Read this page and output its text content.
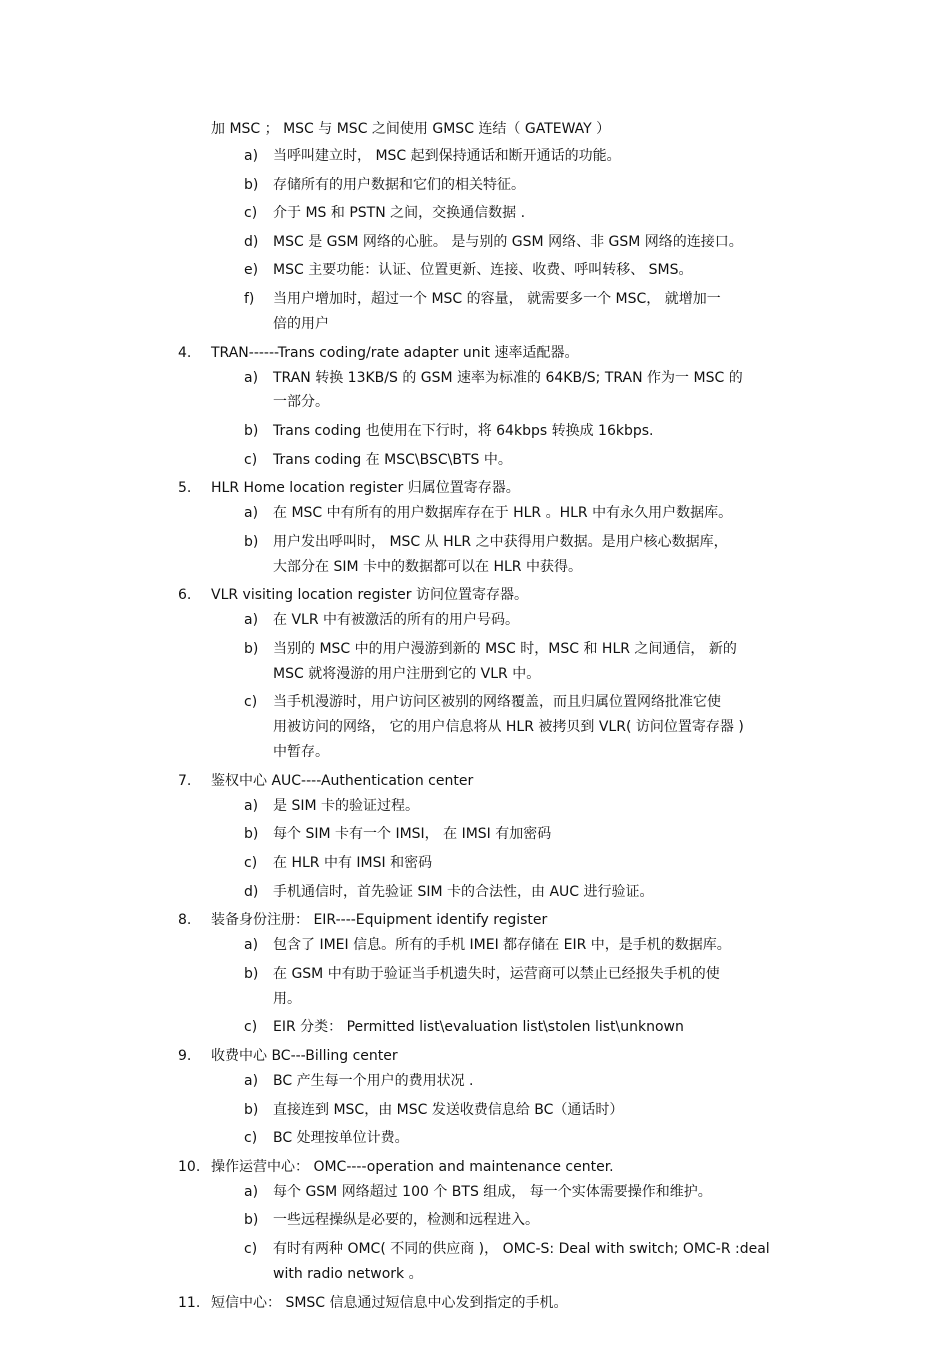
加 MSC ； MSC 与 MSC 之间使用 GMSC 连结（ GATEWAY ）
a) 当呼叫建立时， MSC 起到保持通话和断开通话的功能。
b) 存储所有的用户数据和它们的相关特征。
c) 介于 MS 和 PSTN 之间，交换通信数据 .
d) MSC 是 GSM 网络的心脏。 是与别的 GSM 网络、非 GSM 网络的连接口。
e) MSC 主要功能：认证、位置更新、连接、收费、呼叫转移、 SMS。
f) 当用户增加时，超过一个 MSC 的容量， 就需要多一个 MSC， 就增加一
倍的用户
4. TRAN------Trans coding/rate adapter unit 速率适配器。
a) TRAN 转换 13KB/S 的 GSM 速率为标准的 64KB/S; TRAN 作为一 MSC 的
一部分。
b) Trans coding 也使用在下行时，将 64kbps 转换成 16kbps.
c) Trans coding 在 MSC\BSC\BTS 中。
5. HLR Home location register 归属位置寄存器。
a) 在 MSC 中有所有的用户数据库存在于 HLR 。HLR 中有永久用户数据库。
b) 用户发出呼叫时， MSC 从 HLR 之中获得用户数据。是用户核心数据库，
大部分在 SIM 卡中的数据都可以在 HLR 中获得。
6. VLR visiting location register 访问位置寄存器。
a) 在 VLR 中有被激活的所有的用户号码。
b) 当别的 MSC 中的用户漫游到新的 MSC 时，MSC 和 HLR 之间通信， 新的
MSC 就将漫游的用户注册到它的 VLR 中。
c) 当手机漫游时，用户访问区被别的网络覆盖，而且归属位置网络批准它使
用被访问的网络， 它的用户信息将从 HLR 被拷贝到 VLR( 访问位置寄存器 )
中暂存。
7. 鉴权中心 AUC----Authentication center
a) 是 SIM 卡的验证过程。
b) 每个 SIM 卡有一个 IMSI， 在 IMSI 有加密码
c) 在 HLR 中有 IMSI 和密码
d) 手机通信时，首先验证 SIM 卡的合法性，由 AUC 进行验证。
8. 装备身份注册： EIR----Equipment identify register
a) 包含了 IMEI 信息。所有的手机 IMEI 都存储在 EIR 中，是手机的数据库。
b) 在 GSM 中有助于验证当手机遗失时，运营商可以禁止已经报失手机的使
用。
c) EIR 分类： Permitted list\evaluation list\stolen list\unknown
9. 收费中心 BC---Billing center
a) BC 产生每一个用户的费用状况 .
b) 直接连到 MSC，由 MSC 发送收费信息给 BC（通话时）
c) BC 处理按单位计费。
10. 操作运营中心： OMC----operation and maintenance center.
a) 每个 GSM 网络超过 100 个 BTS 组成， 每一个实体需要操作和维护。
b) 一些远程操纵是必要的，检测和远程进入。
c) 有时有两种 OMC( 不同的供应商 )， OMC-S: Deal with switch; OMC-R :deal
with radio network 。
11. 短信中心： SMSC 信息通过短信息中心发到指定的手机。
